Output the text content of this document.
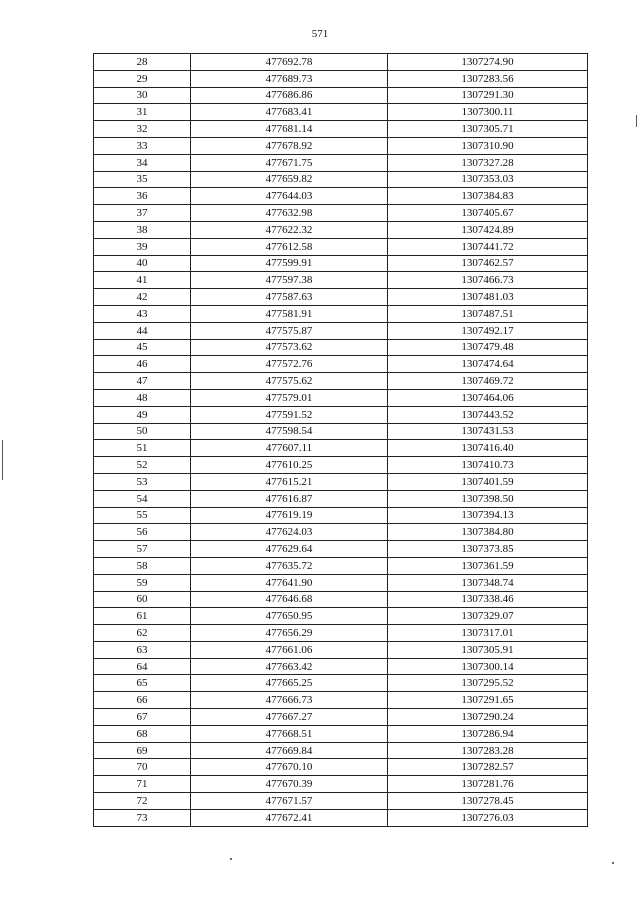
571
28	477692.78	1307274.90
29	477689.73	1307283.56
30	477686.86	1307291.30
31	477683.41	1307300.11
32	477681.14	1307305.71
33	477678.92	1307310.90
34	477671.75	1307327.28
35	477659.82	1307353.03
36	477644.03	1307384.83
37	477632.98	1307405.67
38	477622.32	1307424.89
39	477612.58	1307441.72
40	477599.91	1307462.57
41	477597.38	1307466.73
42	477587.63	1307481.03
43	477581.91	1307487.51
44	477575.87	1307492.17
45	477573.62	1307479.48
46	477572.76	1307474.64
47	477575.62	1307469.72
48	477579.01	1307464.06
49	477591.52	1307443.52
50	477598.54	1307431.53
51	477607.11	1307416.40
52	477610.25	1307410.73
53	477615.21	1307401.59
54	477616.87	1307398.50
55	477619.19	1307394.13
56	477624.03	1307384.80
57	477629.64	1307373.85
58	477635.72	1307361.59
59	477641.90	1307348.74
60	477646.68	1307338.46
61	477650.95	1307329.07
62	477656.29	1307317.01
63	477661.06	1307305.91
64	477663.42	1307300.14
65	477665.25	1307295.52
66	477666.73	1307291.65
67	477667.27	1307290.24
68	477668.51	1307286.94
69	477669.84	1307283.28
70	477670.10	1307282.57
71	477670.39	1307281.76
72	477671.57	1307278.45
73	477672.41	1307276.03
